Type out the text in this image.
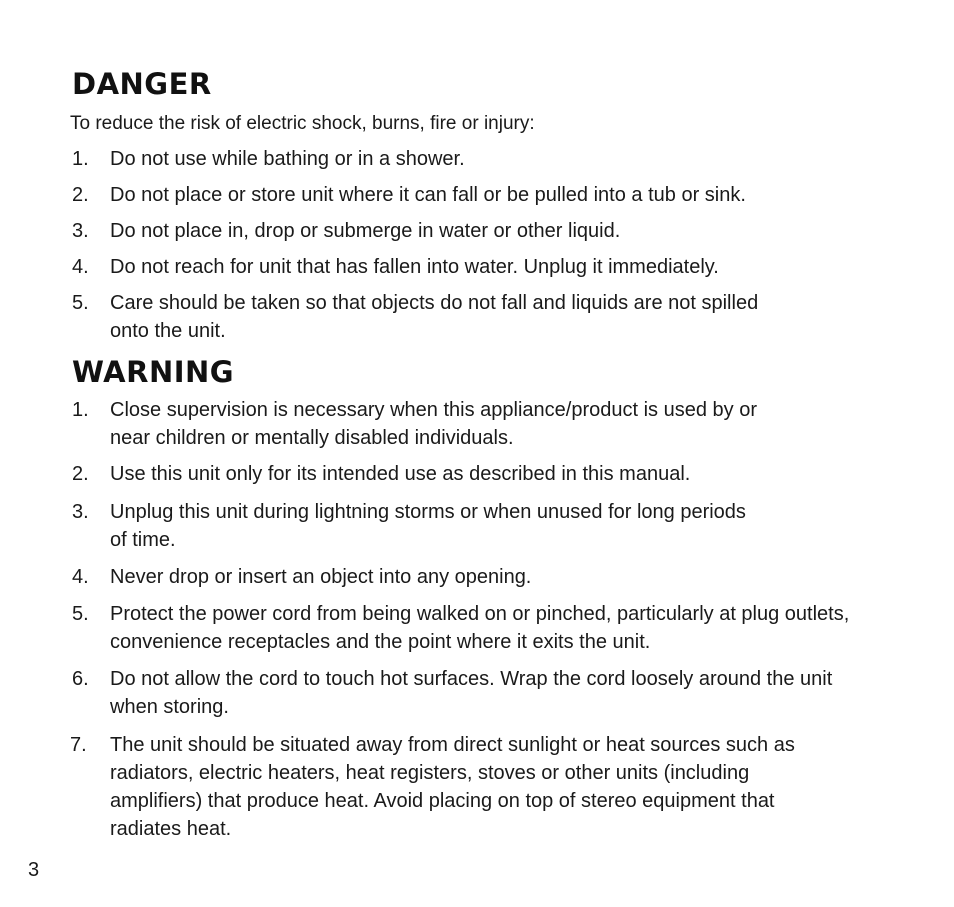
DANGER
To reduce the risk of electric shock, burns, fire or injury:
1. Do not use while bathing or in a shower.
2. Do not place or store unit where it can fall or be pulled into a tub or sink.
3. Do not place in, drop or submerge in water or other liquid.
4. Do not reach for unit that has fallen into water. Unplug it immediately.
5. Care should be taken so that objects do not fall and liquids are not spilled onto the unit.
WARNING
1. Close supervision is necessary when this appliance/product is used by or near children or mentally disabled individuals.
2. Use this unit only for its intended use as described in this manual.
3. Unplug this unit during lightning storms or when unused for long periods of time.
4. Never drop or insert an object into any opening.
5. Protect the power cord from being walked on or pinched, particularly at plug outlets, convenience receptacles and the point where it exits the unit.
6. Do not allow the cord to touch hot surfaces. Wrap the cord loosely around the unit when storing.
7. The unit should be situated away from direct sunlight or heat sources such as radiators, electric heaters, heat registers, stoves or other units (including amplifiers) that produce heat. Avoid placing on top of stereo equipment that radiates heat.
3
